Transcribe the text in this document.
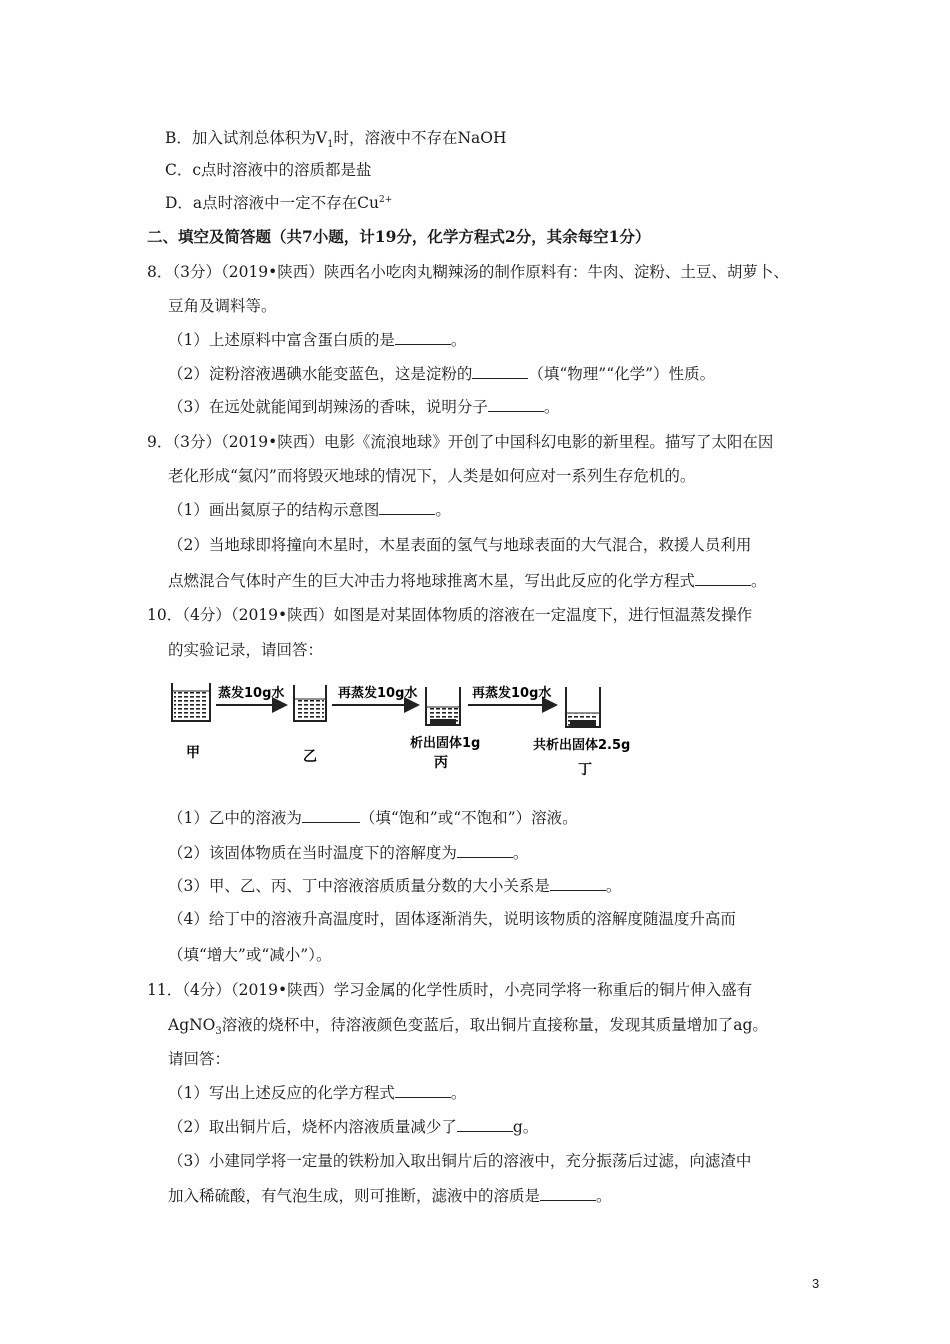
B．加入试剂总体积为$V_1$时，溶液中不存在NaOH
C．c点时溶液中的溶质都是盐
D．a点时溶液中一定不存在$Cu^{2+}$
二、填空及简答题（共7小题，计19分，化学方程式2分，其余每空1分）
8．（3分）（2019•陕西）陕西名小吃肉丸糊辣汤的制作原料有：牛肉、淀粉、土豆、胡萝卜、
豆角及调料等。
（1）上述原料中富含蛋白质的是	。
（2）淀粉溶液遇碘水能变蓝色，这是淀粉的	（填“物理”“化学”）性质。
（3）在远处就能闻到胡辣汤的香味，说明分子	。
9．（3分）（2019•陕西）电影《流浪地球》开创了中国科幻电影的新里程。描写了太阳在因
老化形成“氦闪”而将毁灭地球的情况下，人类是如何应对一系列生存危机的。
（1）画出氦原子的结构示意图	。
（2）当地球即将撞向木星时，木星表面的氢气与地球表面的大气混合，救援人员利用
点燃混合气体时产生的巨大冲击力将地球推离木星，写出此反应的化学方程式	。
10．（4分）（2019•陕西）如图是对某固体物质的溶液在一定温度下，进行恒温蒸发操作
的实验记录，请回答：
蒸发10g水	再蒸发10g水	再蒸发10g水
甲	乙
析出固体1g
丙
共析出固体2.5g
丁
（1）乙中的溶液为	（填“饱和”或“不饱和”）溶液。
（2）该固体物质在当时温度下的溶解度为	。
（3）甲、乙、丙、丁中溶液溶质质量分数的大小关系是	。
（4）给丁中的溶液升高温度时，固体逐渐消失，说明该物质的溶解度随温度升高而
（填“增大”或“减小”）。
11．（4分）（2019•陕西）学习金属的化学性质时，小亮同学将一称重后的铜片伸入盛有
AgNO$_3$溶液的烧杯中，待溶液颜色变蓝后，取出铜片直接称量，发现其质量增加了ag。
请回答：
（1）写出上述反应的化学方程式	。
（2）取出铜片后，烧杯内溶液质量减少了	g。
（3）小建同学将一定量的铁粉加入取出铜片后的溶液中，充分振荡后过滤，向滤渣中
加入稀硫酸，有气泡生成，则可推断，滤液中的溶质是	。
3
